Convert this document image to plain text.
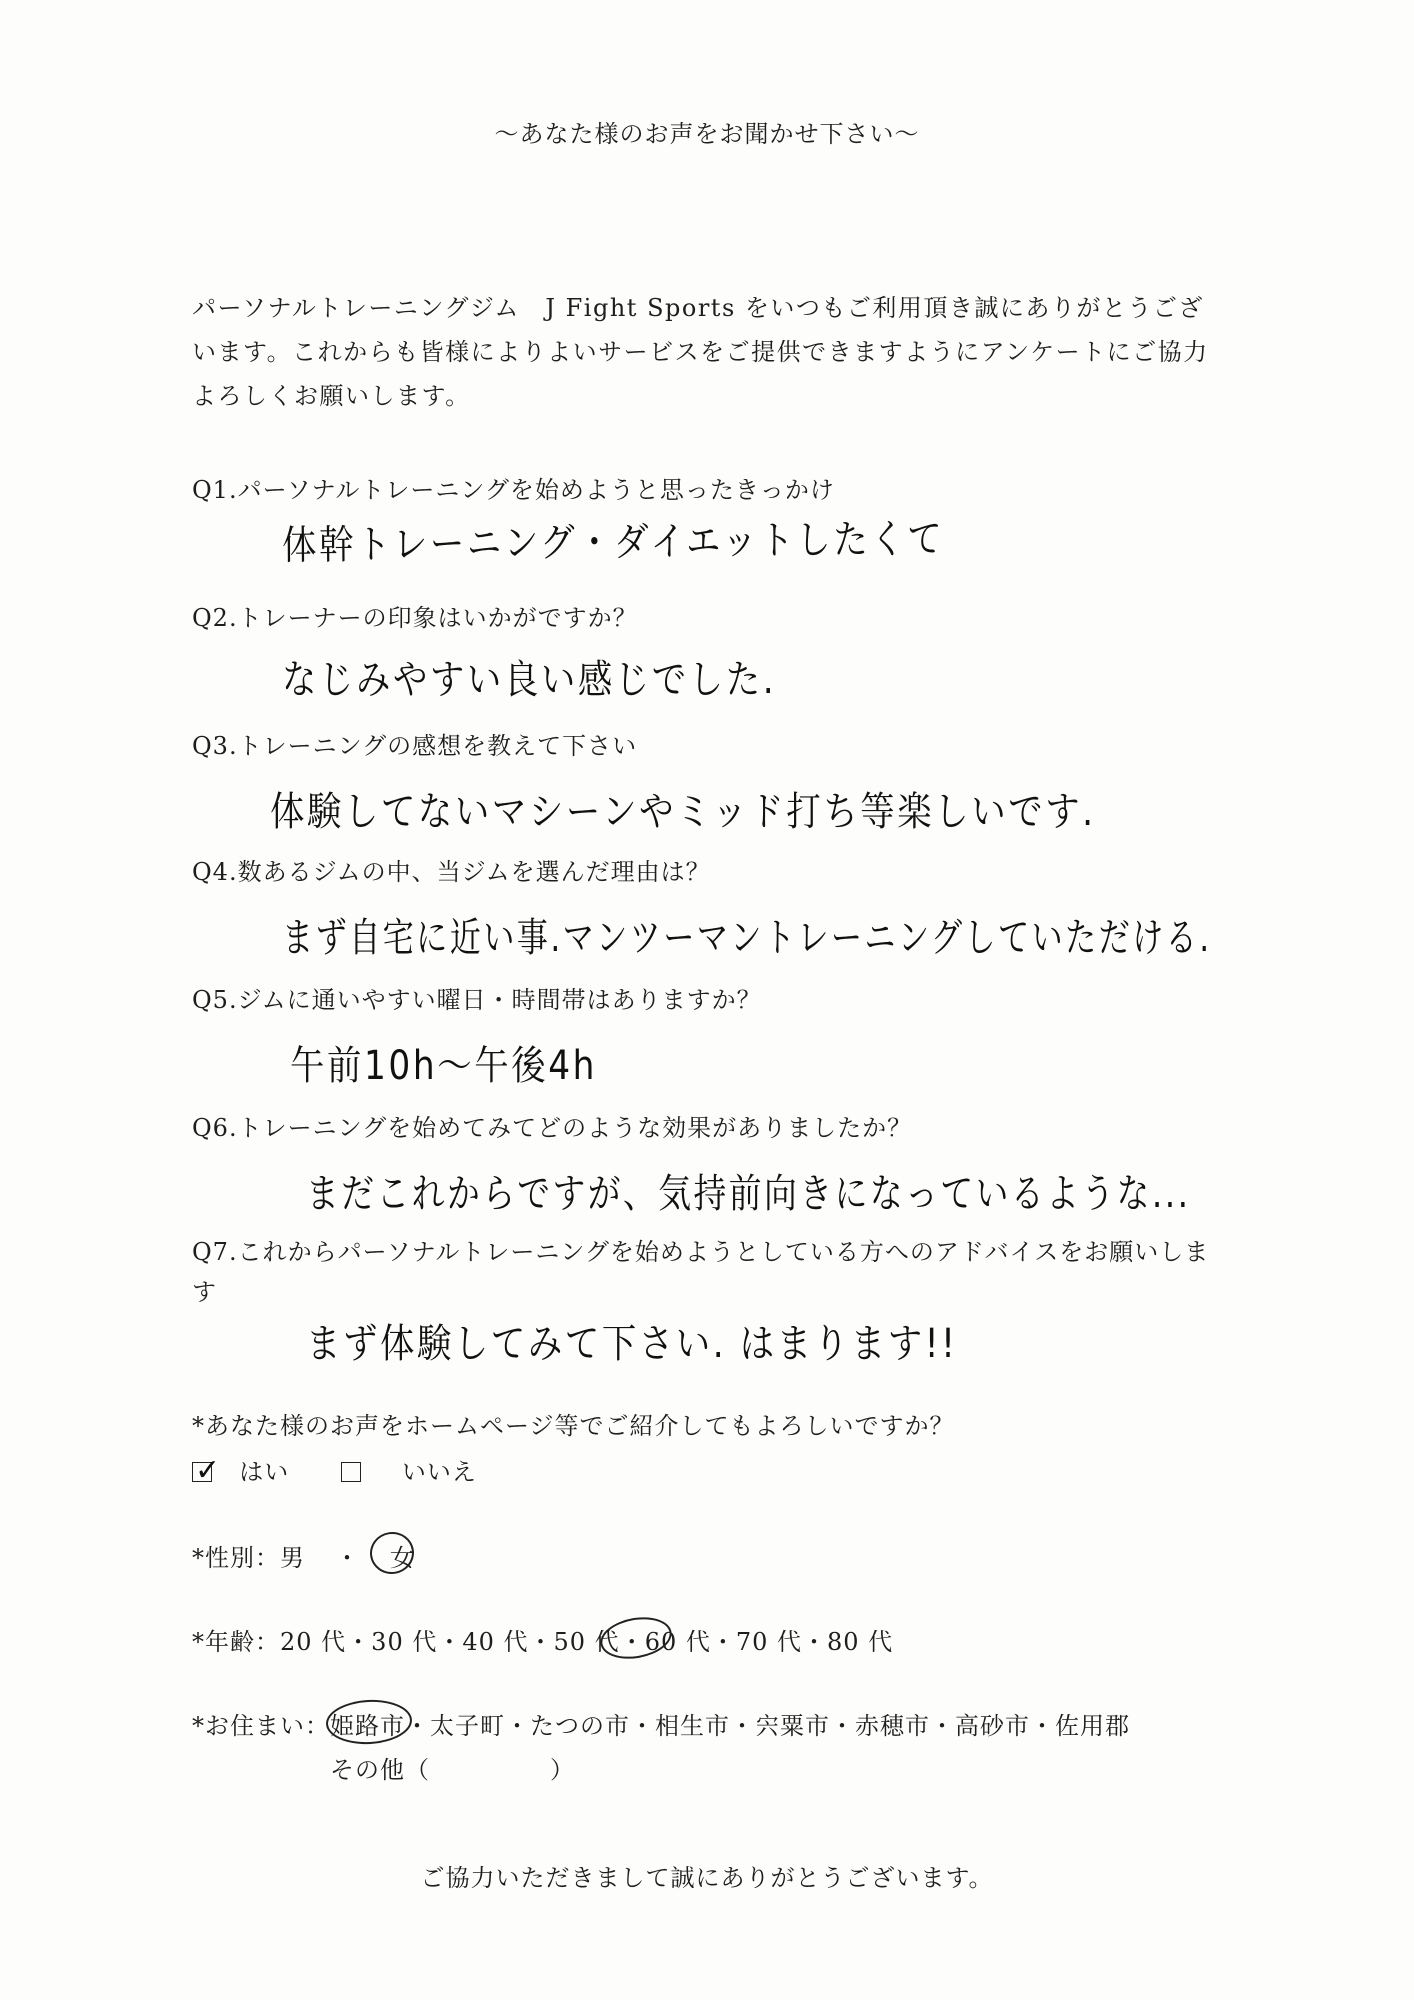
〜あなた様のお声をお聞かせ下さい〜
パーソナルトレーニングジム　J Fight Sports をいつもご利用頂き誠にありがとうございます。これからも皆様によりよいサービスをご提供できますようにアンケートにご協力よろしくお願いします。
Q1.パーソナルトレーニングを始めようと思ったきっかけ
体幹トレーニング・ダイエットしたくて
Q2.トレーナーの印象はいかがですか？
なじみやすい良い感じでした.
Q3.トレーニングの感想を教えて下さい
体験してないマシーンやミッド打ち等楽しいです.
Q4.数あるジムの中、当ジムを選んだ理由は？
まず自宅に近い事.マンツーマントレーニングしていただける.
Q5.ジムに通いやすい曜日・時間帯はありますか？
午前10h〜午後4h
Q6.トレーニングを始めてみてどのような効果がありましたか？
まだこれからですが、気持前向きになっているような...
Q7.これからパーソナルトレーニングを始めようとしている方へのアドバイスをお願いします
まず体験してみて下さい. はまります!!
*あなた様のお声をホームページ等でご紹介してもよろしいですか？
✓ はい	いいえ
*性別：男 ・ 女
*年齢：20 代・30 代・40 代・50 代・60 代・70 代・80 代
*お住まい：姫路市・太子町・たつの市・相生市・宍粟市・赤穂市・高砂市・佐用郡
その他（	）
ご協力いただきまして誠にありがとうございます。
